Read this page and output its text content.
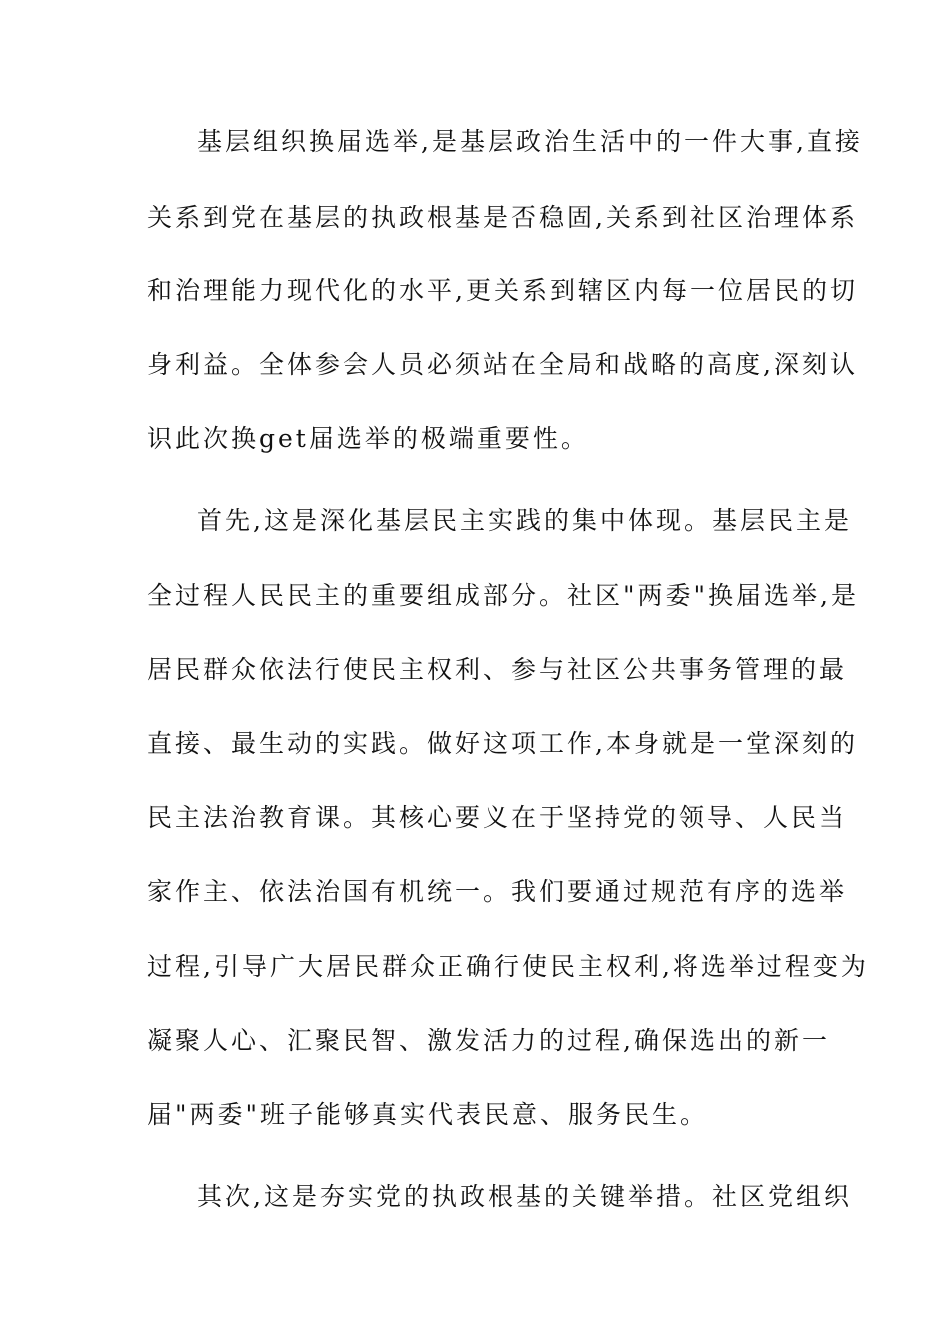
基层组织换届选举,是基层政治生活中的一件大事,直接
关系到党在基层的执政根基是否稳固,关系到社区治理体系
和治理能力现代化的水平,更关系到辖区内每一位居民的切
身利益。全体参会人员必须站在全局和战略的高度,深刻认
识此次换get届选举的极端重要性。
首先,这是深化基层民主实践的集中体现。基层民主是
全过程人民民主的重要组成部分。社区"两委"换届选举,是
居民群众依法行使民主权利、参与社区公共事务管理的最
直接、最生动的实践。做好这项工作,本身就是一堂深刻的
民主法治教育课。其核心要义在于坚持党的领导、人民当
家作主、依法治国有机统一。我们要通过规范有序的选举
过程,引导广大居民群众正确行使民主权利,将选举过程变为
凝聚人心、汇聚民智、激发活力的过程,确保选出的新一
届"两委"班子能够真实代表民意、服务民生。
其次,这是夯实党的执政根基的关键举措。社区党组织
